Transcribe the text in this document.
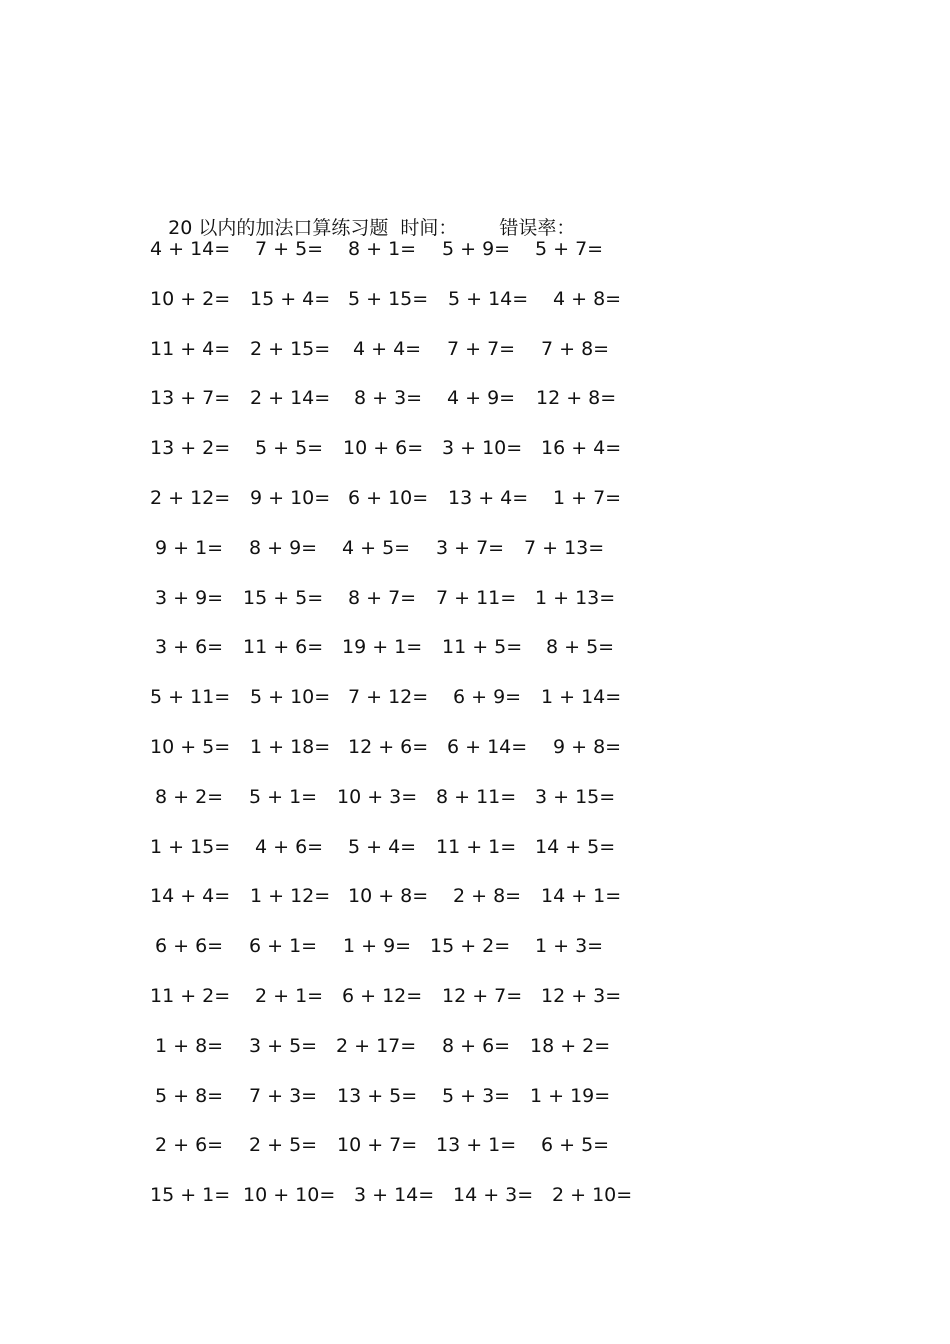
20 以内的加法口算练习题 时间： 错误率：

4 + 14= 7 + 5= 8 + 1= 5 + 9= 5 + 7=
10 + 2= 15 + 4= 5 + 15= 5 + 14= 4 + 8=
11 + 4= 2 + 15= 4 + 4= 7 + 7= 7 + 8=
13 + 7= 2 + 14= 8 + 3= 4 + 9= 12 + 8=
13 + 2= 5 + 5= 10 + 6= 3 + 10= 16 + 4=
2 + 12= 9 + 10= 6 + 10= 13 + 4= 1 + 7=
9 + 1= 8 + 9= 4 + 5= 3 + 7= 7 + 13=
3 + 9= 15 + 5= 8 + 7= 7 + 11= 1 + 13=
3 + 6= 11 + 6= 19 + 1= 11 + 5= 8 + 5=
5 + 11= 5 + 10= 7 + 12= 6 + 9= 1 + 14=
10 + 5= 1 + 18= 12 + 6= 6 + 14= 9 + 8=
8 + 2= 5 + 1= 10 + 3= 8 + 11= 3 + 15=
1 + 15= 4 + 6= 5 + 4= 11 + 1= 14 + 5=
14 + 4= 1 + 12= 10 + 8= 2 + 8= 14 + 1=
6 + 6= 6 + 1= 1 + 9= 15 + 2= 1 + 3=
11 + 2= 2 + 1= 6 + 12= 12 + 7= 12 + 3=
1 + 8= 3 + 5= 2 + 17= 8 + 6= 18 + 2=
5 + 8= 7 + 3= 13 + 5= 5 + 3= 1 + 19=
2 + 6= 2 + 5= 10 + 7= 13 + 1= 6 + 5=
15 + 1= 10 + 10= 3 + 14= 14 + 3= 2 + 10=
